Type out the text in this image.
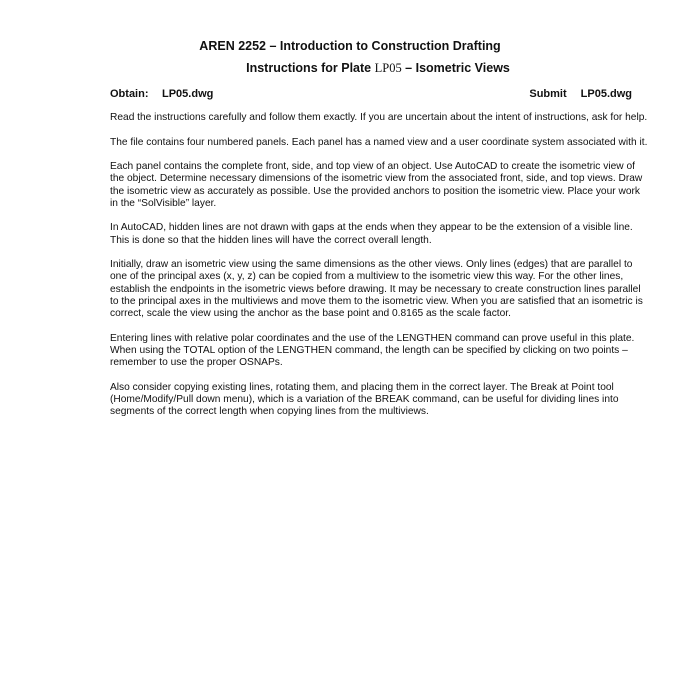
AREN 2252 – Introduction to Construction Drafting
Instructions for Plate LP05 – Isometric Views
Obtain: LP05.dwg	Submit LP05.dwg

Read the instructions carefully and follow them exactly. If you are uncertain about the intent of instructions, ask for help.

The file contains four numbered panels. Each panel has a named view and a user coordinate system associated with it.

Each panel contains the complete front, side, and top view of an object. Use AutoCAD to create the isometric view of the object. Determine necessary dimensions of the isometric view from the associated front, side, and top views. Draw the isometric view as accurately as possible. Use the provided anchors to position the isometric view. Place your work in the “SolVisible” layer.

In AutoCAD, hidden lines are not drawn with gaps at the ends when they appear to be the extension of a visible line. This is done so that the hidden lines will have the correct overall length.

Initially, draw an isometric view using the same dimensions as the other views. Only lines (edges) that are parallel to one of the principal axes (x, y, z) can be copied from a multiview to the isometric view this way. For the other lines, establish the endpoints in the isometric views before drawing. It may be necessary to create construction lines parallel to the principal axes in the multiviews and move them to the isometric view. When you are satisfied that an isometric is correct, scale the view using the anchor as the base point and 0.8165 as the scale factor.

Entering lines with relative polar coordinates and the use of the LENGTHEN command can prove useful in this plate. When using the TOTAL option of the LENGTHEN command, the length can be specified by clicking on two points – remember to use the proper OSNAPs.

Also consider copying existing lines, rotating them, and placing them in the correct layer. The Break at Point tool (Home/Modify/Pull down menu), which is a variation of the BREAK command, can be useful for dividing lines into segments of the correct length when copying lines from the multiviews.
